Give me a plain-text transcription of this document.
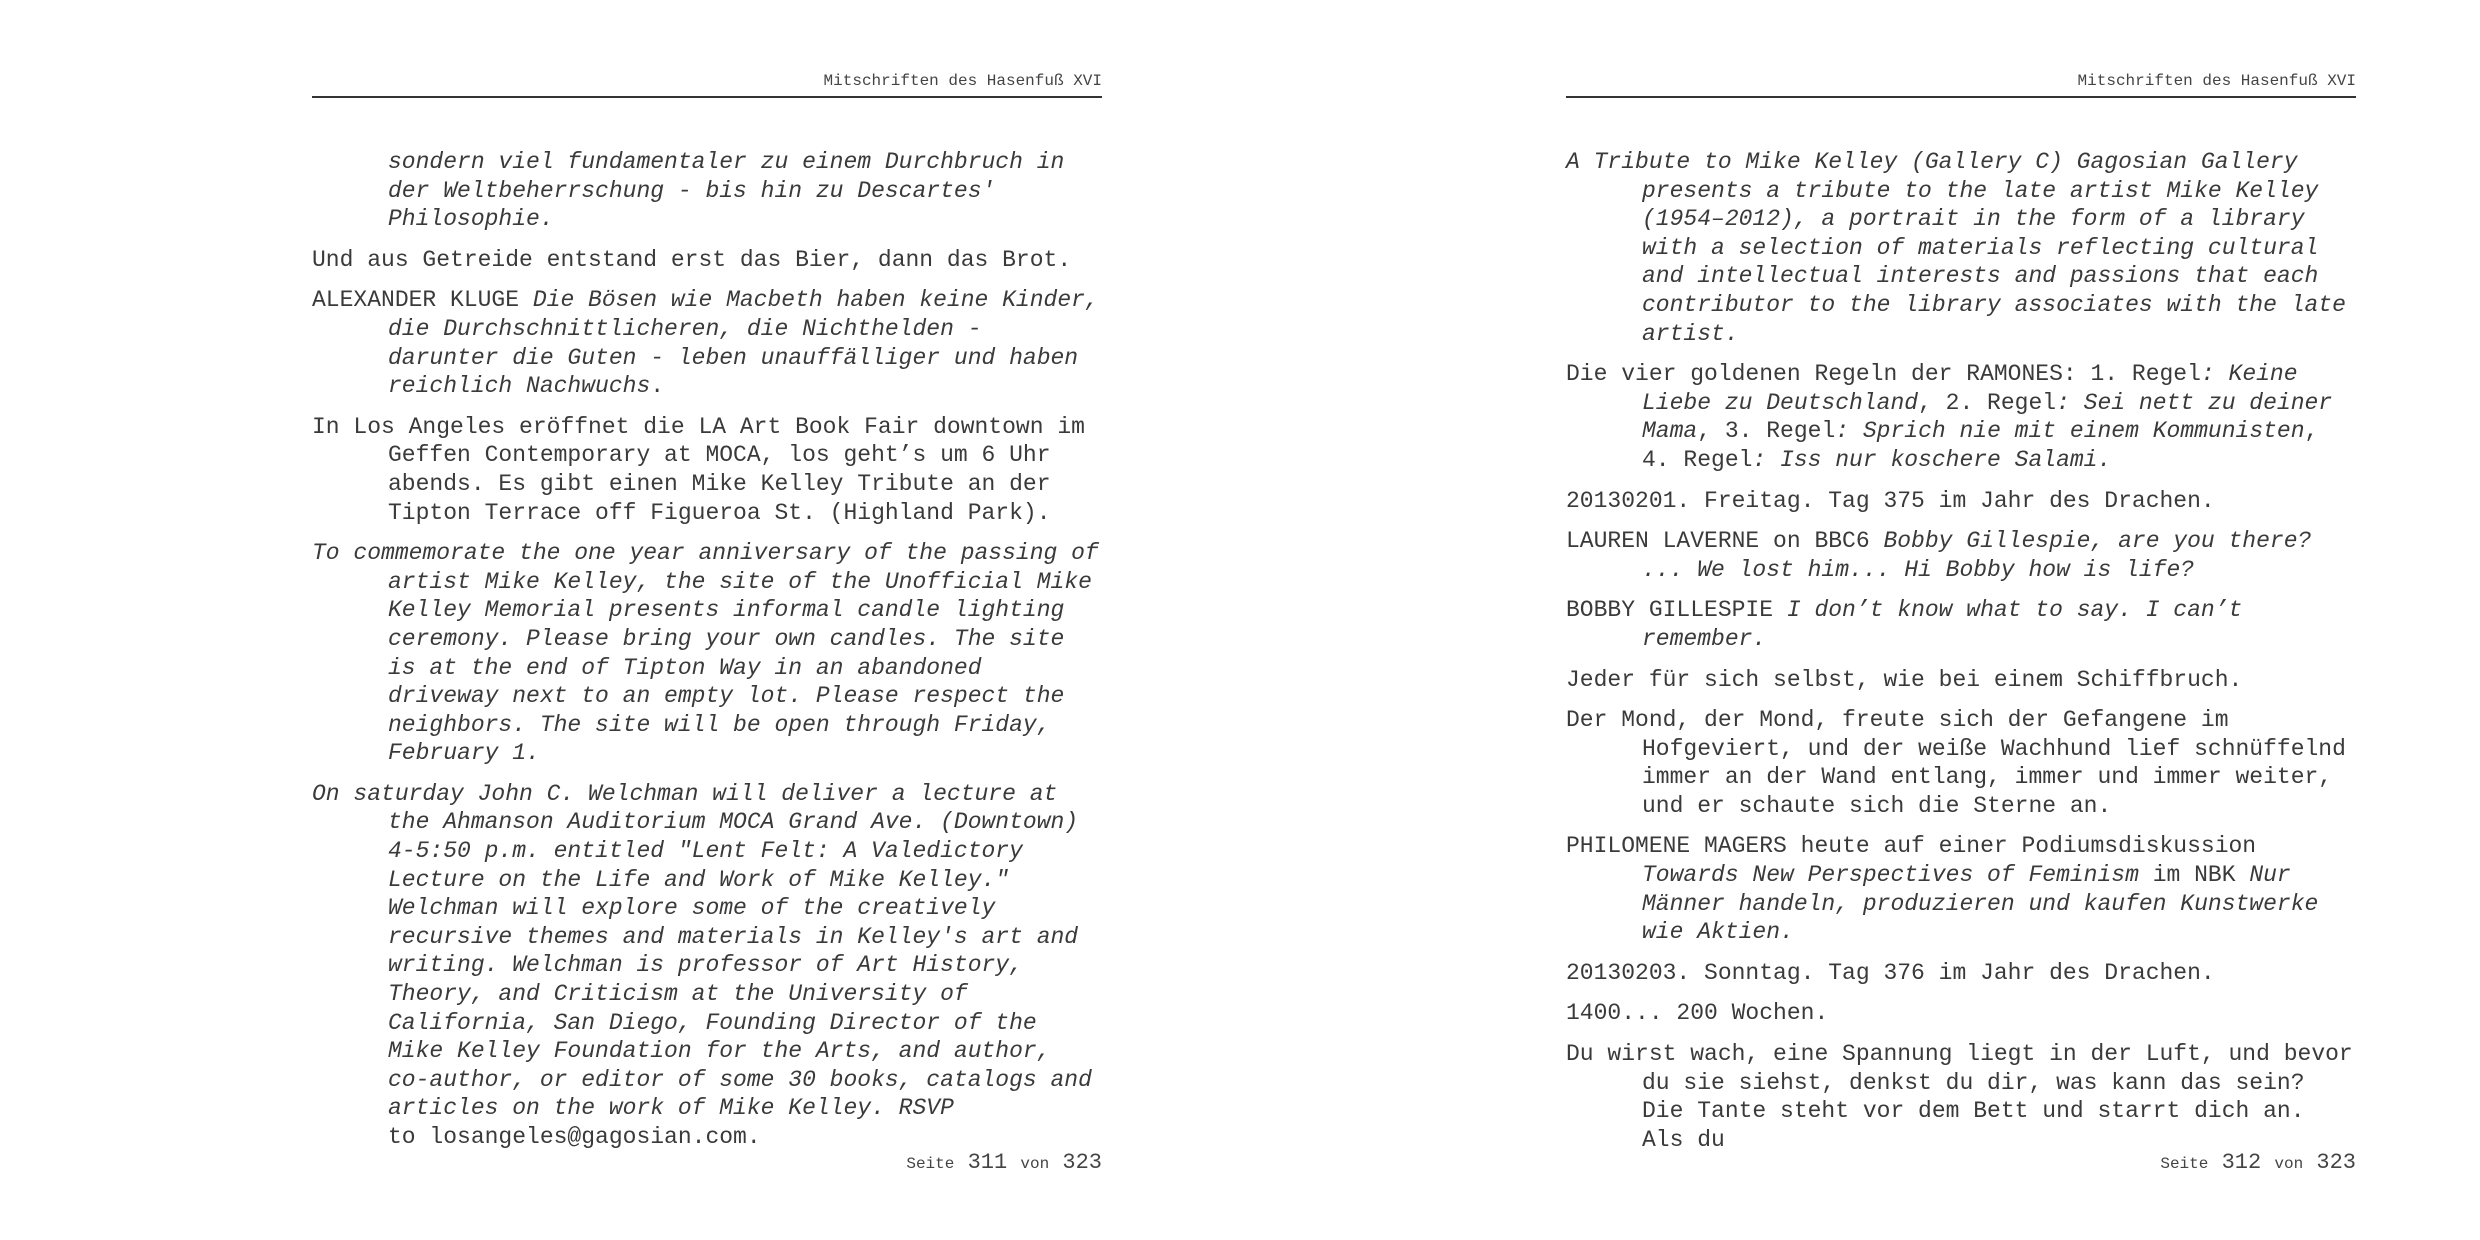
Mitschriften des Hasenfuß XVI

sondern viel fundamentaler zu einem Durchbruch in der Weltbeherrschung - bis hin zu Descartes' Philosophie.

Und aus Getreide entstand erst das Bier, dann das Brot.

ALEXANDER KLUGE Die Bösen wie Macbeth haben keine Kinder, die Durchschnittlicheren, die Nichthelden - darunter die Guten - leben unauffälliger und haben reichlich Nachwuchs.

In Los Angeles eröffnet die LA Art Book Fair downtown im Geffen Contemporary at MOCA, los geht’s um 6 Uhr abends. Es gibt einen Mike Kelley Tribute an der Tipton Terrace off Figueroa St. (Highland Park).

To commemorate the one year anniversary of the passing of artist Mike Kelley, the site of the Unofficial Mike Kelley Memorial presents informal candle lighting ceremony. Please bring your own candles. The site is at the end of Tipton Way in an abandoned driveway next to an empty lot. Please respect the neighbors. The site will be open through Friday, February 1.

On saturday John C. Welchman will deliver a lecture at the Ahmanson Auditorium MOCA Grand Ave. (Downtown) 4-5:50 p.m. entitled "Lent Felt: A Valedictory Lecture on the Life and Work of Mike Kelley." Welchman will explore some of the creatively recursive themes and materials in Kelley's art and writing. Welchman is professor of Art History, Theory, and Criticism at the University of California, San Diego, Founding Director of the Mike Kelley Foundation for the Arts, and author, co-author, or editor of some 30 books, catalogs and articles on the work of Mike Kelley. RSVP
to losangeles@gagosian.com.

Seite 311 von 323
Mitschriften des Hasenfuß XVI

A Tribute to Mike Kelley (Gallery C) Gagosian Gallery presents a tribute to the late artist Mike Kelley (1954–2012), a portrait in the form of a library with a selection of materials reflecting cultural and intellectual interests and passions that each contributor to the library associates with the late artist.

Die vier goldenen Regeln der RAMONES: 1. Regel: Keine Liebe zu Deutschland, 2. Regel: Sei nett zu deiner Mama, 3. Regel: Sprich nie mit einem Kommunisten, 4. Regel: Iss nur koschere Salami.

20130201. Freitag. Tag 375 im Jahr des Drachen.

LAUREN LAVERNE on BBC6 Bobby Gillespie, are you there? ... We lost him... Hi Bobby how is life?

BOBBY GILLESPIE I don’t know what to say. I can’t remember.

Jeder für sich selbst, wie bei einem Schiffbruch.

Der Mond, der Mond, freute sich der Gefangene im Hofgeviert, und der weiße Wachhund lief schnüffelnd immer an der Wand entlang, immer und immer weiter, und er schaute sich die Sterne an.

PHILOMENE MAGERS heute auf einer Podiumsdiskussion Towards New Perspectives of Feminism im NBK Nur Männer handeln, produzieren und kaufen Kunstwerke wie Aktien.

20130203. Sonntag. Tag 376 im Jahr des Drachen.

1400... 200 Wochen.

Du wirst wach, eine Spannung liegt in der Luft, und bevor du sie siehst, denkst du dir, was kann das sein? Die Tante steht vor dem Bett und starrt dich an. Als du

Seite 312 von 323
